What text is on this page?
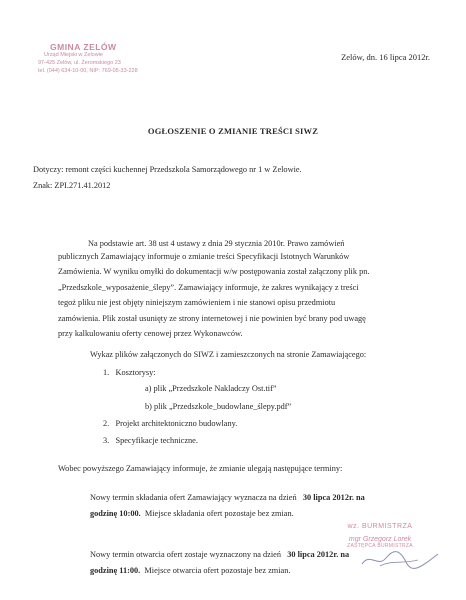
GMINA ZELÓW
Urząd Miejski w Zelowie
97-425 Zelów, ul. Żeromskiego 23
tel. (044) 634-10-00, NIP: 769-05-33-228
Zelów, dn. 16 lipca 2012r.
OGŁOSZENIE O ZMIANIE TREŚCI SIWZ
Dotyczy: remont części kuchennej Przedszkola Samorządowego nr 1 w Zelowie.
Znak: ZPI.271.41.2012
Na podstawie art. 38 ust 4 ustawy z dnia 29 stycznia 2010r. Prawo zamówień
publicznych Zamawiający informuje o zmianie treści Specyfikacji Istotnych Warunków
Zamówienia. W wyniku omyłki do dokumentacji w/w postępowania został załączony plik pn.
„Przedszkole_wyposażenie_ślepy”. Zamawiający informuje, że zakres wynikający z treści
tegoż pliku nie jest objęty niniejszym zamówieniem i nie stanowi opisu przedmiotu
zamówienia. Plik został usunięty ze strony internetowej i nie powinien być brany pod uwagę
przy kalkulowaniu oferty cenowej przez Wykonawców.
Wykaz plików załączonych do SIWZ i zamieszczonych na stronie Zamawiającego:
1. Kosztorysy:
a) plik „Przedszkole Nakladczy Ost.tif”
b) plik „Przedszkole_budowlane_ślepy.pdf”
2. Projekt architektoniczno budowlany.
3. Specyfikacje techniczne.
Wobec powyższego Zamawiający informuje, że zmianie ulegają następujące terminy:
Nowy termin składania ofert Zamawiający wyznacza na dzień 30 lipca 2012r. na
godzinę 10:00. Miejsce składania ofert pozostaje bez zmian.
Nowy termin otwarcia ofert zostaje wyznaczony na dzień 30 lipca 2012r. na
godzinę 11:00. Miejsce otwarcia ofert pozostaje bez zmian.
wz. BURMISTRZA
mgr Grzegorz Lorek
ZASTĘPCA BURMISTRZA
